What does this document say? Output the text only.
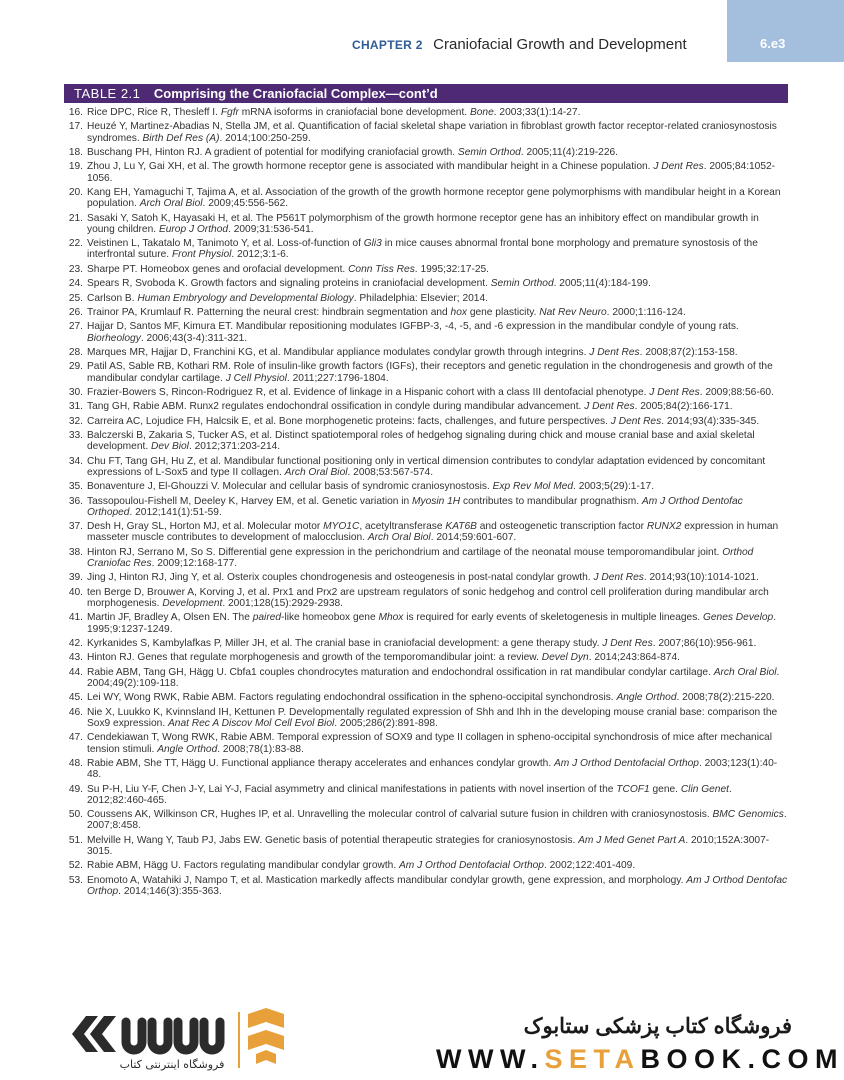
6.e3
CHAPTER 2 Craniofacial Growth and Development
TABLE 2.1 Comprising the Craniofacial Complex—cont’d
16. Rice DPC, Rice R, Thesleff I. Fgfr mRNA isoforms in craniofacial bone development. Bone. 2003;33(1):14-27.
17. Heuzé Y, Martinez-Abadias N, Stella JM, et al. Quantification of facial skeletal shape variation in fibroblast growth factor receptor-related craniosynostosis syndromes. Birth Def Res (A). 2014;100:250-259.
18. Buschang PH, Hinton RJ. A gradient of potential for modifying craniofacial growth. Semin Orthod. 2005;11(4):219-226.
19. Zhou J, Lu Y, Gai XH, et al. The growth hormone receptor gene is associated with mandibular height in a Chinese population. J Dent Res. 2005;84:1052-1056.
20. Kang EH, Yamaguchi T, Tajima A, et al. Association of the growth of the growth hormone receptor gene polymorphisms with mandibular height in a Korean population. Arch Oral Biol. 2009;45:556-562.
21. Sasaki Y, Satoh K, Hayasaki H, et al. The P561T polymorphism of the growth hormone receptor gene has an inhibitory effect on mandibular growth in young children. Europ J Orthod. 2009;31:536-541.
22. Veistinen L, Takatalo M, Tanimoto Y, et al. Loss-of-function of Gli3 in mice causes abnormal frontal bone morphology and premature synostosis of the interfrontal suture. Front Physiol. 2012;3:1-6.
23. Sharpe PT. Homeobox genes and orofacial development. Conn Tiss Res. 1995;32:17-25.
24. Spears R, Svoboda K. Growth factors and signaling proteins in craniofacial development. Semin Orthod. 2005;11(4):184-199.
25. Carlson B. Human Embryology and Developmental Biology. Philadelphia: Elsevier; 2014.
26. Trainor PA, Krumlauf R. Patterning the neural crest: hindbrain segmentation and hox gene plasticity. Nat Rev Neuro. 2000;1:116-124.
27. Hajjar D, Santos MF, Kimura ET. Mandibular repositioning modulates IGFBP-3, -4, -5, and -6 expression in the mandibular condyle of young rats. Biorheology. 2006;43(3-4):311-321.
28. Marques MR, Hajjar D, Franchini KG, et al. Mandibular appliance modulates condylar growth through integrins. J Dent Res. 2008;87(2):153-158.
29. Patil AS, Sable RB, Kothari RM. Role of insulin-like growth factors (IGFs), their receptors and genetic regulation in the chondrogenesis and growth of the mandibular condylar cartilage. J Cell Physiol. 2011;227:1796-1804.
30. Frazier-Bowers S, Rincon-Rodriguez R, et al. Evidence of linkage in a Hispanic cohort with a class III dentofacial phenotype. J Dent Res. 2009;88:56-60.
31. Tang GH, Rabie ABM. Runx2 regulates endochondral ossification in condyle during mandibular advancement. J Dent Res. 2005;84(2):166-171.
32. Carreira AC, Lojudice FH, Halcsik E, et al. Bone morphogenetic proteins: facts, challenges, and future perspectives. J Dent Res. 2014;93(4):335-345.
33. Balczerski B, Zakaria S, Tucker AS, et al. Distinct spatiotemporal roles of hedgehog signaling during chick and mouse cranial base and axial skeletal development. Dev Biol. 2012;371:203-214.
34. Chu FT, Tang GH, Hu Z, et al. Mandibular functional positioning only in vertical dimension contributes to condylar adaptation evidenced by concomitant expressions of L-Sox5 and type II collagen. Arch Oral Biol. 2008;53:567-574.
35. Bonaventure J, El-Ghouzzi V. Molecular and cellular basis of syndromic craniosynostosis. Exp Rev Mol Med. 2003;5(29):1-17.
36. Tassopoulou-Fishell M, Deeley K, Harvey EM, et al. Genetic variation in Myosin 1H contributes to mandibular prognathism. Am J Orthod Dentofac Orthoped. 2012;141(1):51-59.
37. Desh H, Gray SL, Horton MJ, et al. Molecular motor MYO1C, acetyltransferase KAT6B and osteogenetic transcription factor RUNX2 expression in human masseter muscle contributes to development of malocclusion. Arch Oral Biol. 2014;59:601-607.
38. Hinton RJ, Serrano M, So S. Differential gene expression in the perichondrium and cartilage of the neonatal mouse temporomandibular joint. Orthod Craniofac Res. 2009;12:168-177.
39. Jing J, Hinton RJ, Jing Y, et al. Osterix couples chondrogenesis and osteogenesis in post-natal condylar growth. J Dent Res. 2014;93(10):1014-1021.
40. ten Berge D, Brouwer A, Korving J, et al. Prx1 and Prx2 are upstream regulators of sonic hedgehog and control cell proliferation during mandibular arch morphogenesis. Development. 2001;128(15):2929-2938.
41. Martin JF, Bradley A, Olsen EN. The paired-like homeobox gene Mhox is required for early events of skeletogenesis in multiple lineages. Genes Develop. 1995;9:1237-1249.
42. Kyrkanides S, Kambylafkas P, Miller JH, et al. The cranial base in craniofacial development: a gene therapy study. J Dent Res. 2007;86(10):956-961.
43. Hinton RJ. Genes that regulate morphogenesis and growth of the temporomandibular joint: a review. Devel Dyn. 2014;243:864-874.
44. Rabie ABM, Tang GH, Hägg U. Cbfa1 couples chondrocytes maturation and endochondral ossification in rat mandibular condylar cartilage. Arch Oral Biol. 2004;49(2):109-118.
45. Lei WY, Wong RWK, Rabie ABM. Factors regulating endochondral ossification in the spheno-occipital synchondrosis. Angle Orthod. 2008;78(2):215-220.
46. Nie X, Luukko K, Kvinnsland IH, Kettunen P. Developmentally regulated expression of Shh and Ihh in the developing mouse cranial base: comparison the Sox9 expression. Anat Rec A Discov Mol Cell Evol Biol. 2005;286(2):891-898.
47. Cendekiawan T, Wong RWK, Rabie ABM. Temporal expression of SOX9 and type II collagen in spheno-occipital synchondrosis of mice after mechanical tension stimuli. Angle Orthod. 2008;78(1):83-88.
48. Rabie ABM, She TT, Hägg U. Functional appliance therapy accelerates and enhances condylar growth. Am J Orthod Dentofacial Orthop. 2003;123(1):40-48.
49. Su P-H, Liu Y-F, Chen J-Y, Lai Y-J, Facial asymmetry and clinical manifestations in patients with novel insertion of the TCOF1 gene. Clin Genet. 2012;82:460-465.
50. Coussens AK, Wilkinson CR, Hughes IP, et al. Unravelling the molecular control of calvarial suture fusion in children with craniosynostosis. BMC Genomics. 2007;8:458.
51. Melville H, Wang Y, Taub PJ, Jabs EW. Genetic basis of potential therapeutic strategies for craniosynostosis. Am J Med Genet Part A. 2010;152A:3007-3015.
52. Rabie ABM, Hägg U. Factors regulating mandibular condylar growth. Am J Orthod Dentofacial Orthop. 2002;122:401-409.
53. Enomoto A, Watahiki J, Nampo T, et al. Mastication markedly affects mandibular condylar growth, gene expression, and morphology. Am J Orthod Dentofac Orthop. 2014;146(3):355-363.
فروشگاه اینترنتی کتاب
فروشگاه کتاب پزشکی ستابوک
WWW.SETABOOK.COM
